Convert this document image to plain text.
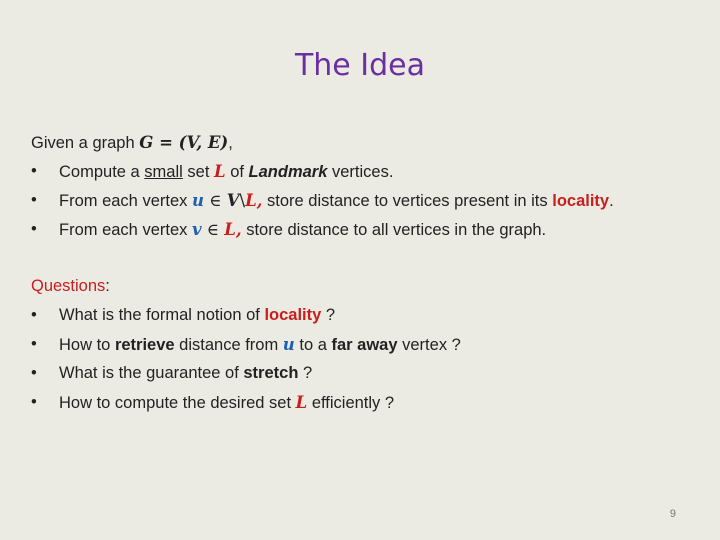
The Idea
Given a graph G = (V, E),
• Compute a small set L of Landmark vertices.
• From each vertex u ∈ V\L, store distance to vertices present in its locality.
• From each vertex v ∈ L, store distance to all vertices in the graph.
Questions:
• What is the formal notion of locality ?
• How to retrieve distance from u to a far away vertex ?
• What is the guarantee of stretch ?
• How to compute the desired set L efficiently ?
9
